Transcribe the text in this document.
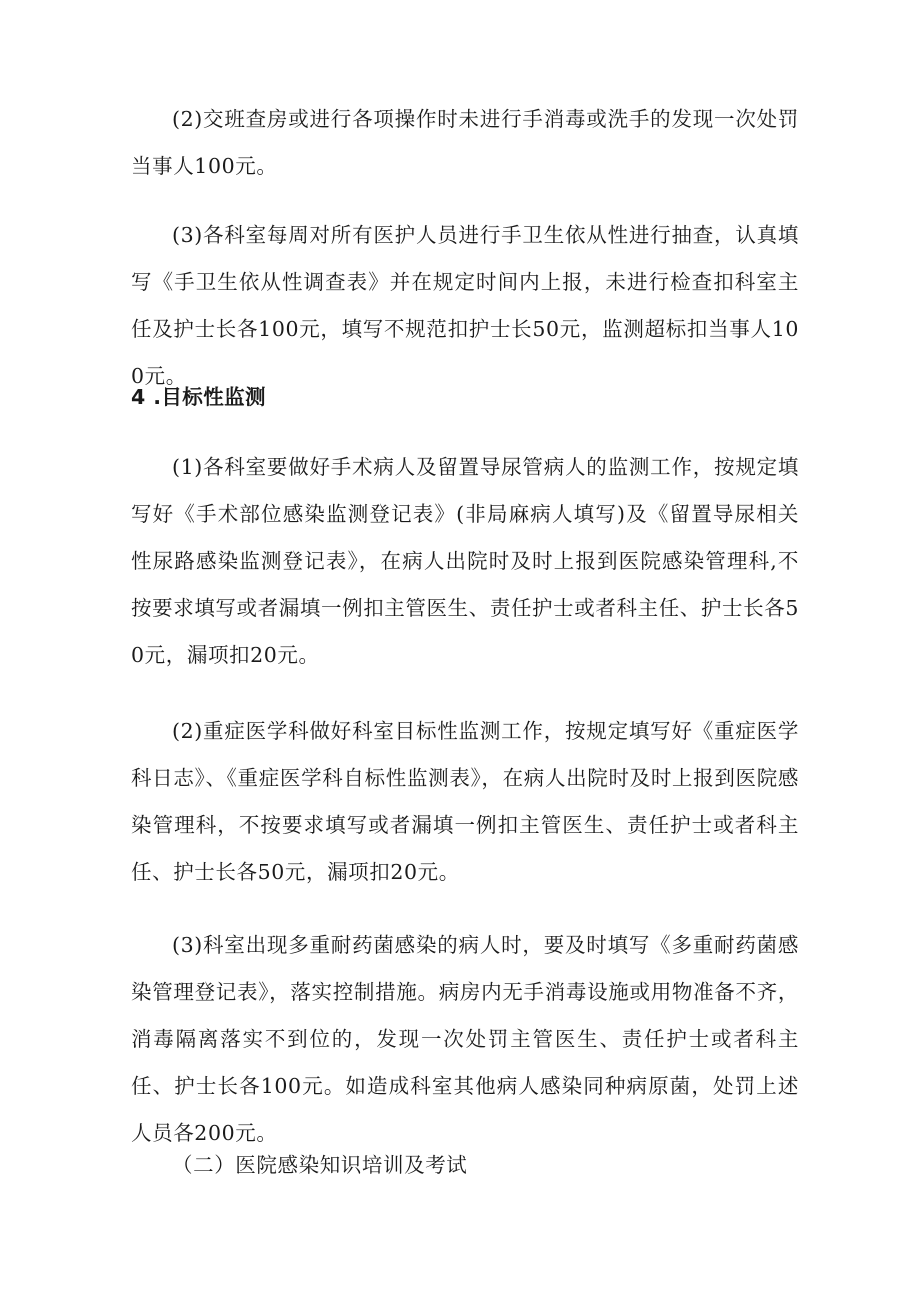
(2)交班查房或进行各项操作时未进行手消毒或洗手的发现一次处罚当事人100元。

(3)各科室每周对所有医护人员进行手卫生依从性进行抽查，认真填写《手卫生依从性调查表》并在规定时间内上报，未进行检查扣科室主任及护士长各100元，填写不规范扣护士长50元，监测超标扣当事人100元。

4 .目标性监测

(1)各科室要做好手术病人及留置导尿管病人的监测工作，按规定填写好《手术部位感染监测登记表》(非局麻病人填写)及《留置导尿相关性尿路感染监测登记表》，在病人出院时及时上报到医院感染管理科,不按要求填写或者漏填一例扣主管医生、责任护士或者科主任、护士长各50元，漏项扣20元。

(2)重症医学科做好科室目标性监测工作，按规定填写好《重症医学科日志》、《重症医学科自标性监测表》，在病人出院时及时上报到医院感染管理科，不按要求填写或者漏填一例扣主管医生、责任护士或者科主任、护士长各50元，漏项扣20元。

(3)科室出现多重耐药菌感染的病人时，要及时填写《多重耐药菌感染管理登记表》，落实控制措施。病房内无手消毒设施或用物准备不齐，消毒隔离落实不到位的，发现一次处罚主管医生、责任护士或者科主任、护士长各100元。如造成科室其他病人感染同种病原菌，处罚上述人员各200元。

（二）医院感染知识培训及考试
